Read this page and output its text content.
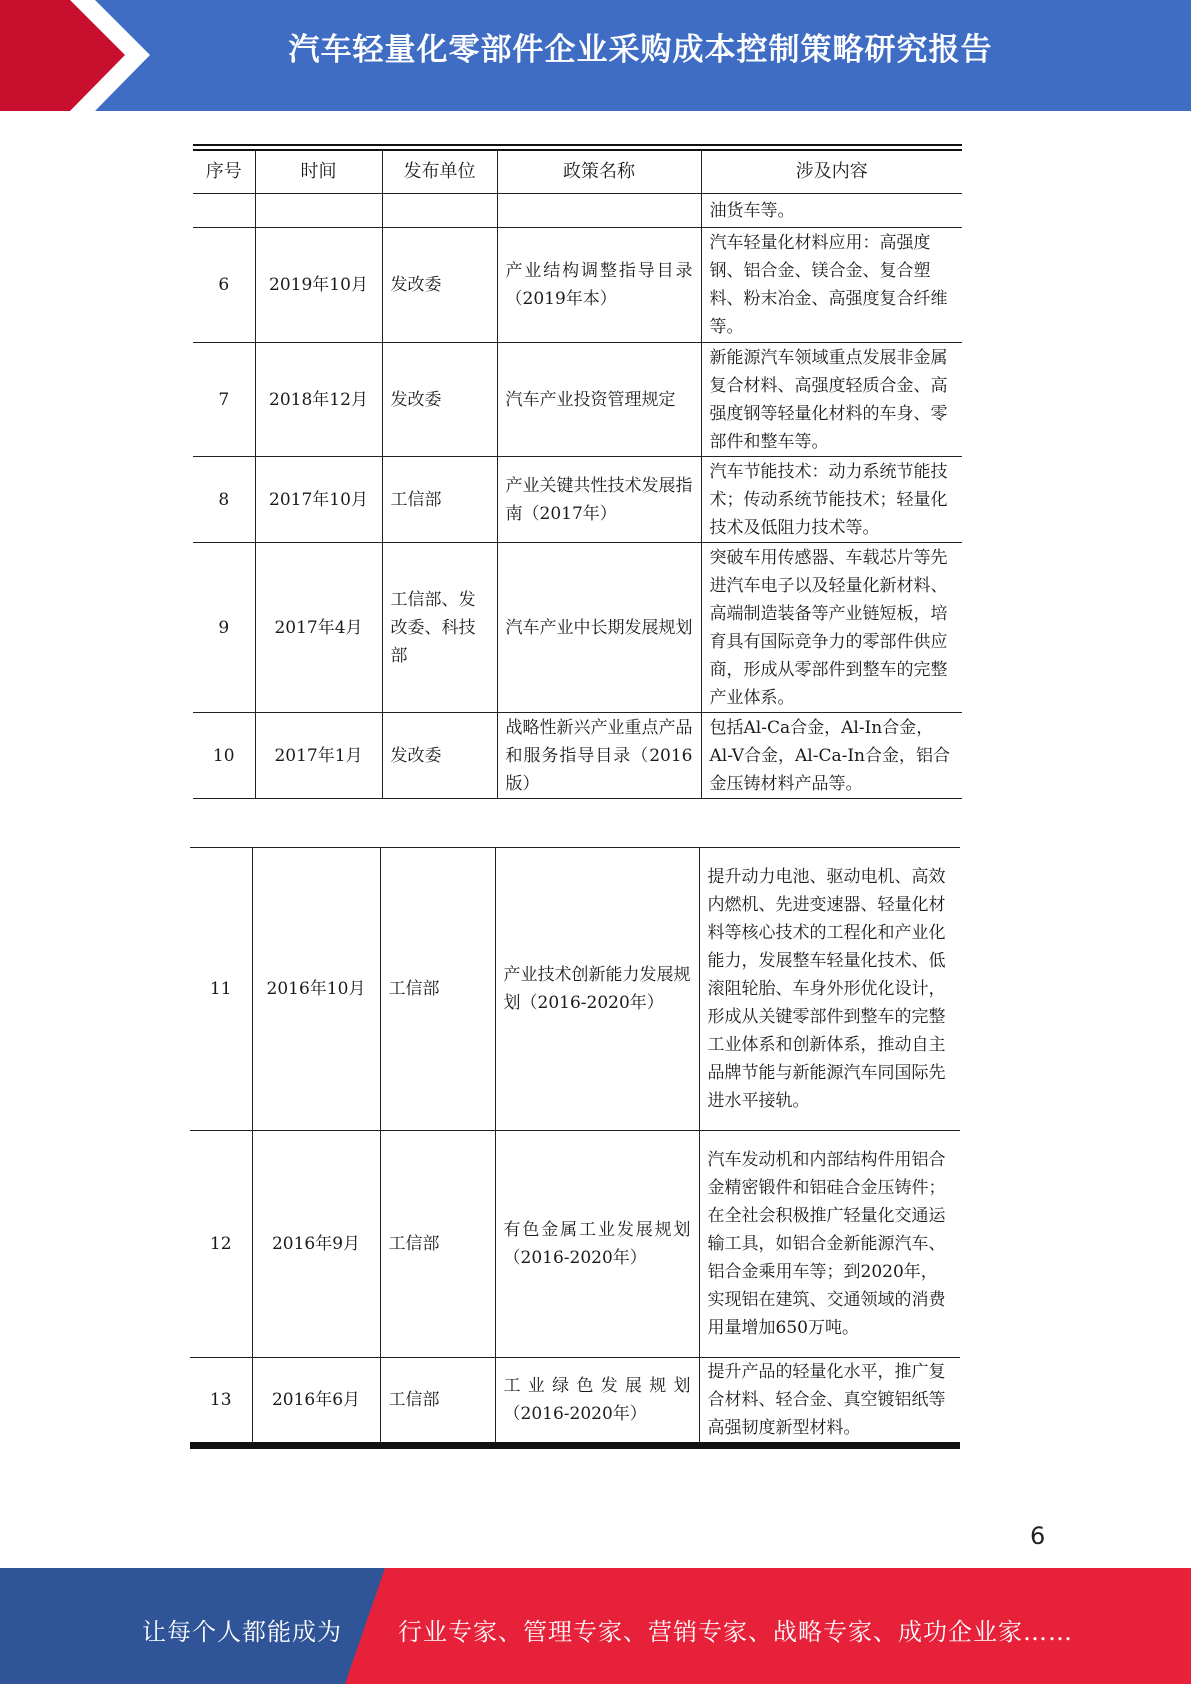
汽车轻量化零部件企业采购成本控制策略研究报告
序号	时间	发布单位	政策名称	涉及内容
				油货车等。
6	2019年10月	发改委	产业结构调整指导目录（2019年本）	汽车轻量化材料应用：高强度钢、铝合金、镁合金、复合塑料、粉末冶金、高强度复合纤维等。
7	2018年12月	发改委	汽车产业投资管理规定	新能源汽车领域重点发展非金属复合材料、高强度轻质合金、高强度钢等轻量化材料的车身、零部件和整车等。
8	2017年10月	工信部	产业关键共性技术发展指南（2017年）	汽车节能技术：动力系统节能技术；传动系统节能技术；轻量化技术及低阻力技术等。
9	2017年4月	工信部、发改委、科技部	汽车产业中长期发展规划	突破车用传感器、车载芯片等先进汽车电子以及轻量化新材料、高端制造装备等产业链短板，培育具有国际竞争力的零部件供应商，形成从零部件到整车的完整产业体系。
10	2017年1月	发改委	战略性新兴产业重点产品和服务指导目录（2016版）	包括Al-Ca合金，Al-In合金，Al-V合金，Al-Ca-In合金，铝合金压铸材料产品等。
11	2016年10月	工信部	产业技术创新能力发展规划（2016-2020年）	提升动力电池、驱动电机、高效内燃机、先进变速器、轻量化材料等核心技术的工程化和产业化能力，发展整车轻量化技术、低滚阻轮胎、车身外形优化设计，形成从关键零部件到整车的完整工业体系和创新体系，推动自主品牌节能与新能源汽车同国际先进水平接轨。
12	2016年9月	工信部	有色金属工业发展规划（2016-2020年）	汽车发动机和内部结构件用铝合金精密锻件和铝硅合金压铸件；在全社会积极推广轻量化交通运输工具，如铝合金新能源汽车、铝合金乘用车等；到2020年，实现铝在建筑、交通领域的消费用量增加650万吨。
13	2016年6月	工信部	工业绿色发展规划（2016-2020年）	提升产品的轻量化水平，推广复合材料、轻合金、真空镀铝纸等高强韧度新型材料。
6
让每个人都能成为 行业专家、管理专家、营销专家、战略专家、成功企业家……
